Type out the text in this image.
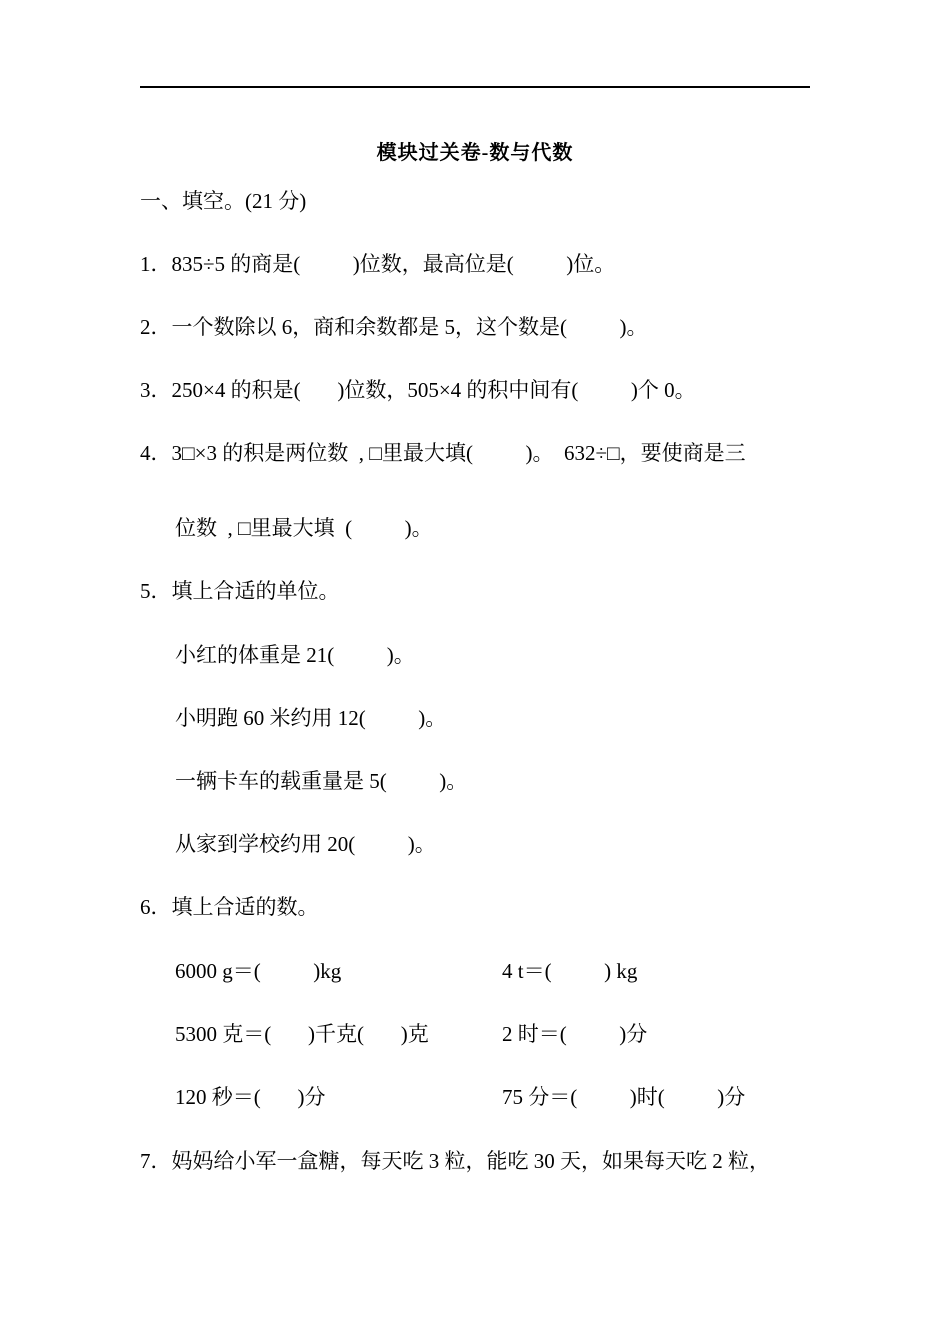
模块过关卷-数与代数
一、填空。(21 分)
1．835÷5 的商是(          )位数，最高位是(          )位。
2．一个数除以 6，商和余数都是 5，这个数是(          )。
3．250×4 的积是(       )位数，505×4 的积中间有(          )个 0。
4．3□×3 的积是两位数  , □里最大填(          )。  632÷□，要使商是三
位数  , □里最大填  (          )。
5．填上合适的单位。
小红的体重是 21(          )。
小明跑 60 米约用 12(          )。
一辆卡车的载重量是 5(          )。
从家到学校约用 20(          )。
6．填上合适的数。
6000 g＝(          )kg	4 t＝(          ) kg
5300 克＝(       )千克(       )克	2 时＝(          )分
120 秒＝(       )分	75 分＝(          )时(          )分
7．妈妈给小军一盒糖，每天吃 3 粒，能吃 30 天，如果每天吃 2 粒，
